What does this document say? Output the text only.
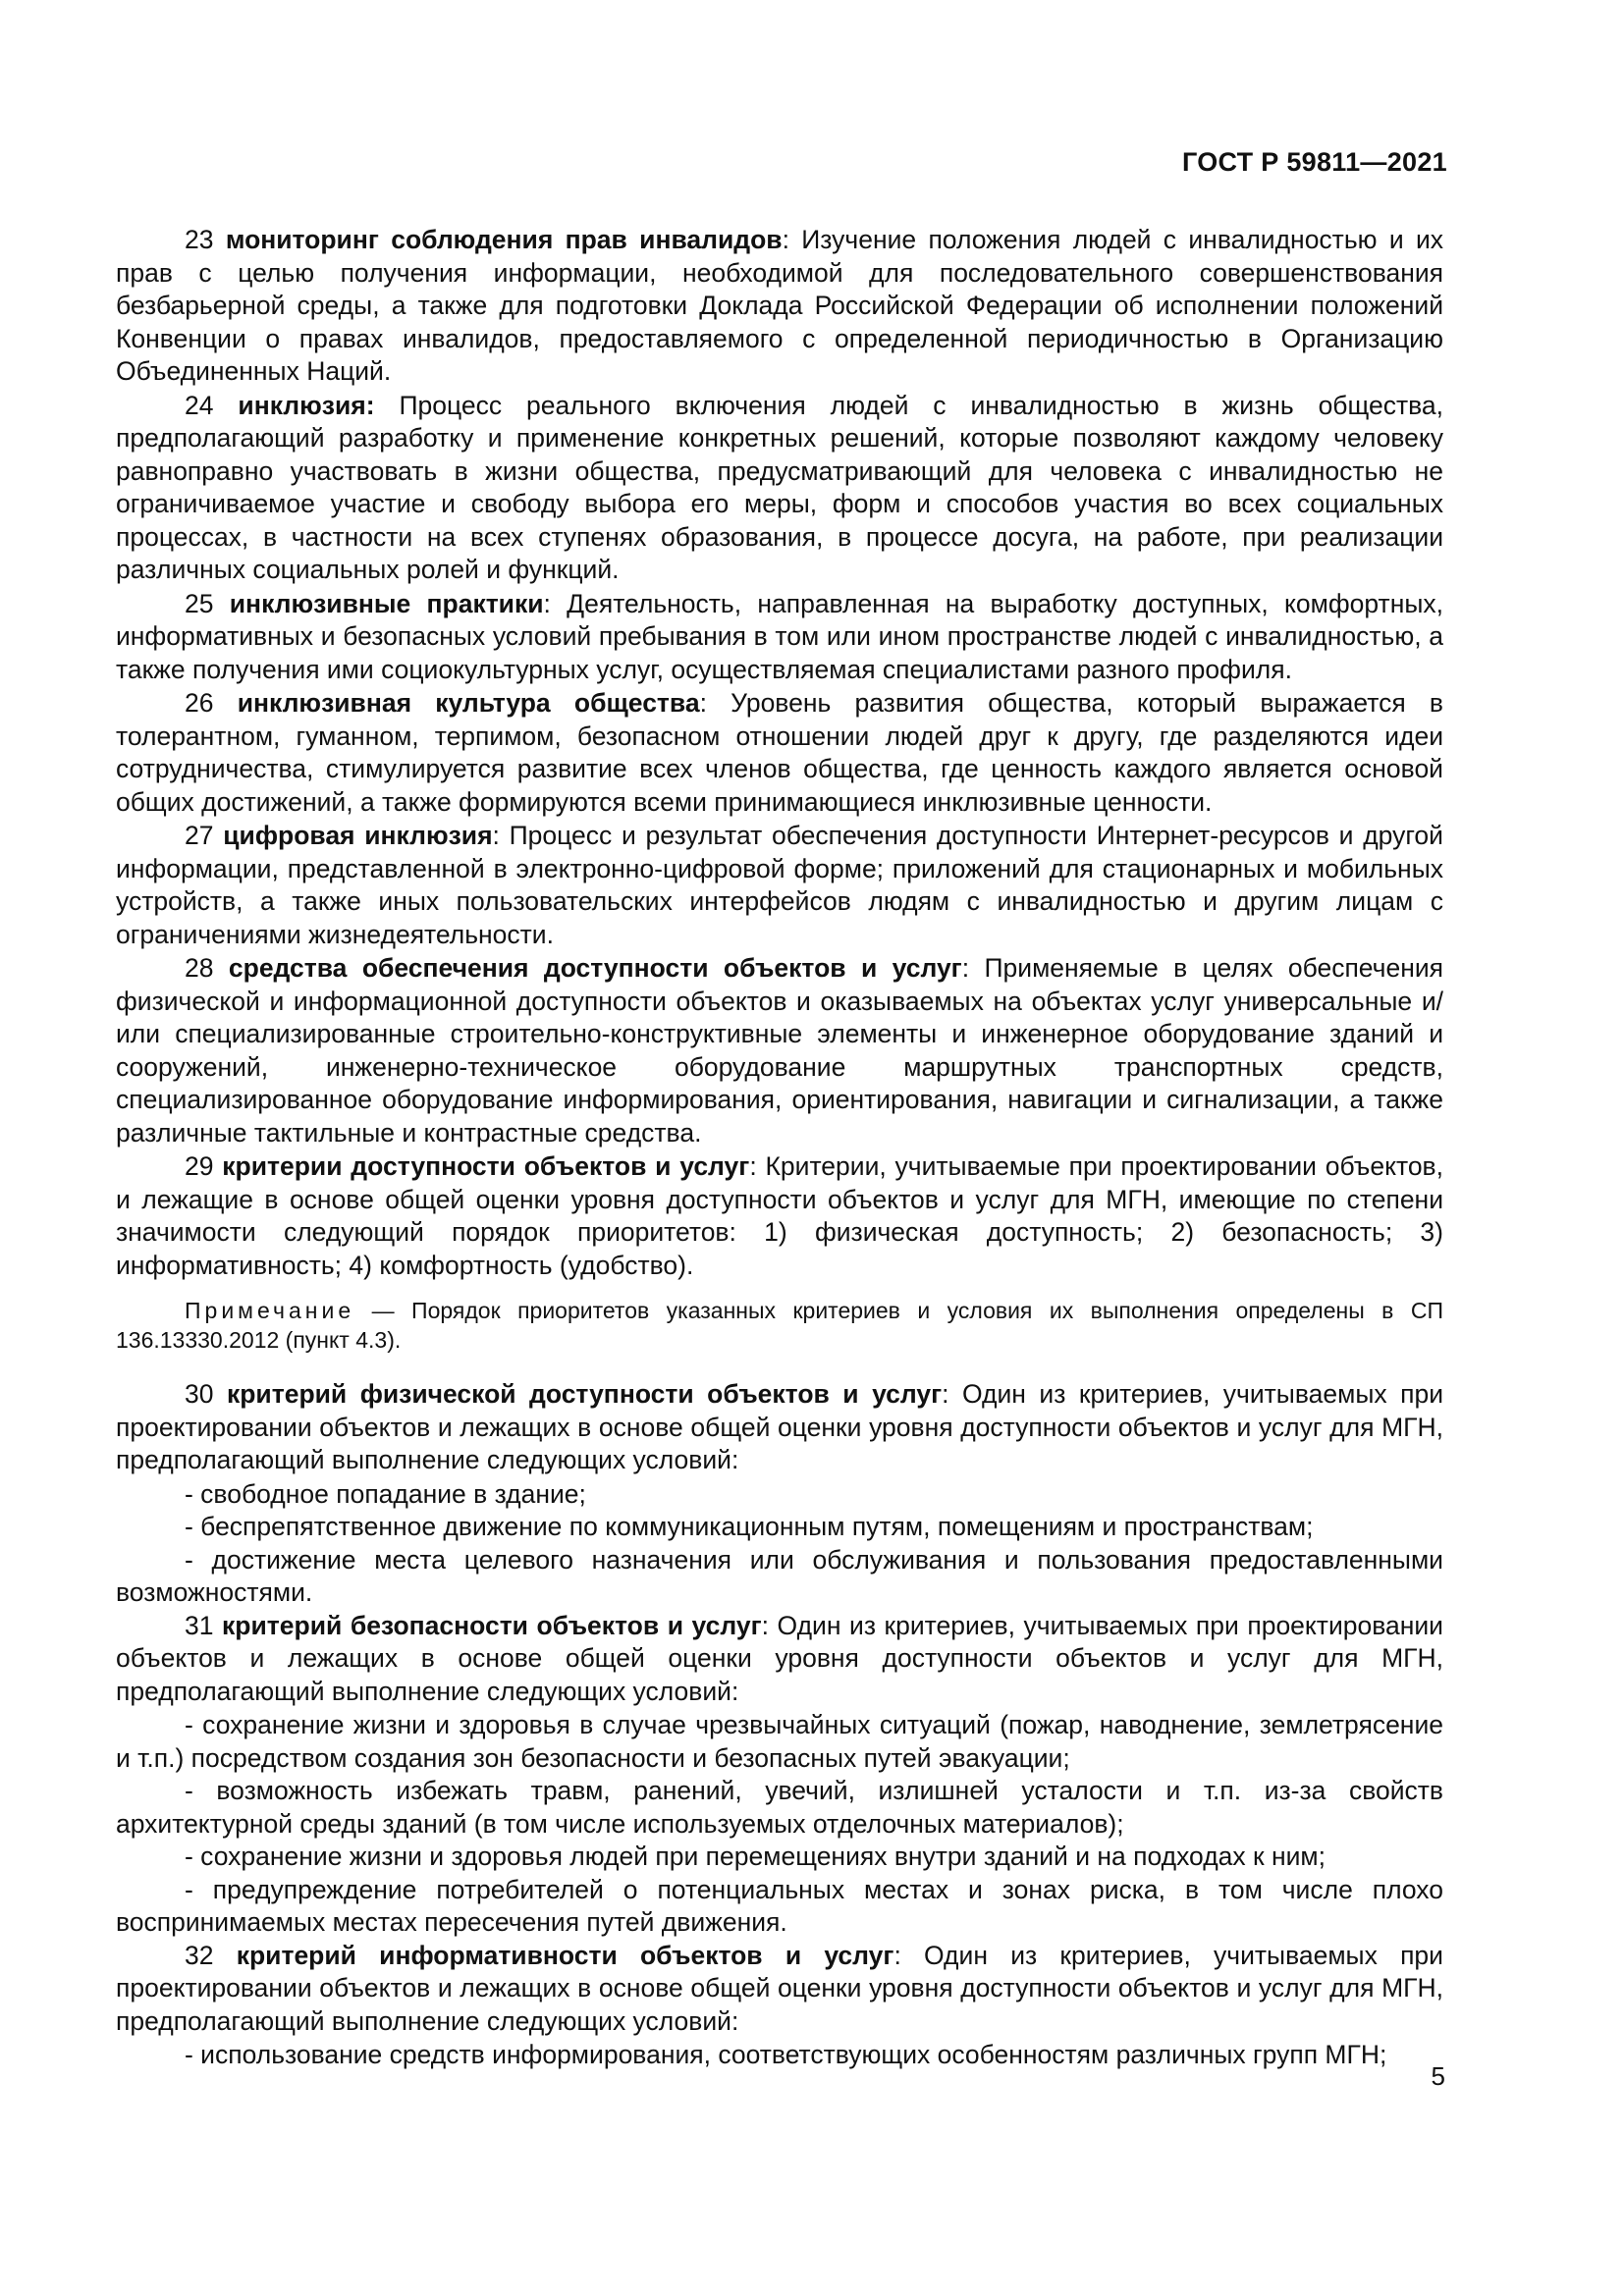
ГОСТ Р 59811—2021

23 мониторинг соблюдения прав инвалидов: Изучение положения людей с инвалидностью и их прав с целью получения информации, необходимой для последовательного совершенствования безбарьерной среды, а также для подготовки Доклада Российской Федерации об исполнении положений Конвенции о правах инвалидов, предоставляемого с определенной периодичностью в Организацию Объединенных Наций.

24 инклюзия: Процесс реального включения людей с инвалидностью в жизнь общества, предполагающий разработку и применение конкретных решений, которые позволяют каждому человеку равноправно участвовать в жизни общества, предусматривающий для человека с инвалидностью не ограничиваемое участие и свободу выбора его меры, форм и способов участия во всех социальных процессах, в частности на всех ступенях образования, в процессе досуга, на работе, при реализации различных социальных ролей и функций.

25 инклюзивные практики: Деятельность, направленная на выработку доступных, комфортных, информативных и безопасных условий пребывания в том или ином пространстве людей с инвалидностью, а также получения ими социокультурных услуг, осуществляемая специалистами разного профиля.

26 инклюзивная культура общества: Уровень развития общества, который выражается в толерантном, гуманном, терпимом, безопасном отношении людей друг к другу, где разделяются идеи сотрудничества, стимулируется развитие всех членов общества, где ценность каждого является основой общих достижений, а также формируются всеми принимающиеся инклюзивные ценности.

27 цифровая инклюзия: Процесс и результат обеспечения доступности Интернет-ресурсов и другой информации, представленной в электронно-цифровой форме; приложений для стационарных и мобильных устройств, а также иных пользовательских интерфейсов людям с инвалидностью и другим лицам с ограничениями жизнедеятельности.

28 средства обеспечения доступности объектов и услуг: Применяемые в целях обеспечения физической и информационной доступности объектов и оказываемых на объектах услуг универсальные и/или специализированные строительно-конструктивные элементы и инженерное оборудование зданий и сооружений, инженерно-техническое оборудование маршрутных транспортных средств, специализированное оборудование информирования, ориентирования, навигации и сигнализации, а также различные тактильные и контрастные средства.

29 критерии доступности объектов и услуг: Критерии, учитываемые при проектировании объектов, и лежащие в основе общей оценки уровня доступности объектов и услуг для МГН, имеющие по степени значимости следующий порядок приоритетов: 1) физическая доступность; 2) безопасность; 3) информативность; 4) комфортность (удобство).

Примечание — Порядок приоритетов указанных критериев и условия их выполнения определены в СП 136.13330.2012 (пункт 4.3).

30 критерий физической доступности объектов и услуг: Один из критериев, учитываемых при проектировании объектов и лежащих в основе общей оценки уровня доступности объектов и услуг для МГН, предполагающий выполнение следующих условий:

- свободное попадание в здание;

- беспрепятственное движение по коммуникационным путям, помещениям и пространствам;

- достижение места целевого назначения или обслуживания и пользования предоставленными возможностями.

31 критерий безопасности объектов и услуг: Один из критериев, учитываемых при проектировании объектов и лежащих в основе общей оценки уровня доступности объектов и услуг для МГН, предполагающий выполнение следующих условий:

- сохранение жизни и здоровья в случае чрезвычайных ситуаций (пожар, наводнение, землетрясение и т.п.) посредством создания зон безопасности и безопасных путей эвакуации;

- возможность избежать травм, ранений, увечий, излишней усталости и т.п. из-за свойств архитектурной среды зданий (в том числе используемых отделочных материалов);

- сохранение жизни и здоровья людей при перемещениях внутри зданий и на подходах к ним;

- предупреждение потребителей о потенциальных местах и зонах риска, в том числе плохо воспринимаемых местах пересечения путей движения.

32 критерий информативности объектов и услуг: Один из критериев, учитываемых при проектировании объектов и лежащих в основе общей оценки уровня доступности объектов и услуг для МГН, предполагающий выполнение следующих условий:

- использование средств информирования, соответствующих особенностям различных групп МГН;

5
